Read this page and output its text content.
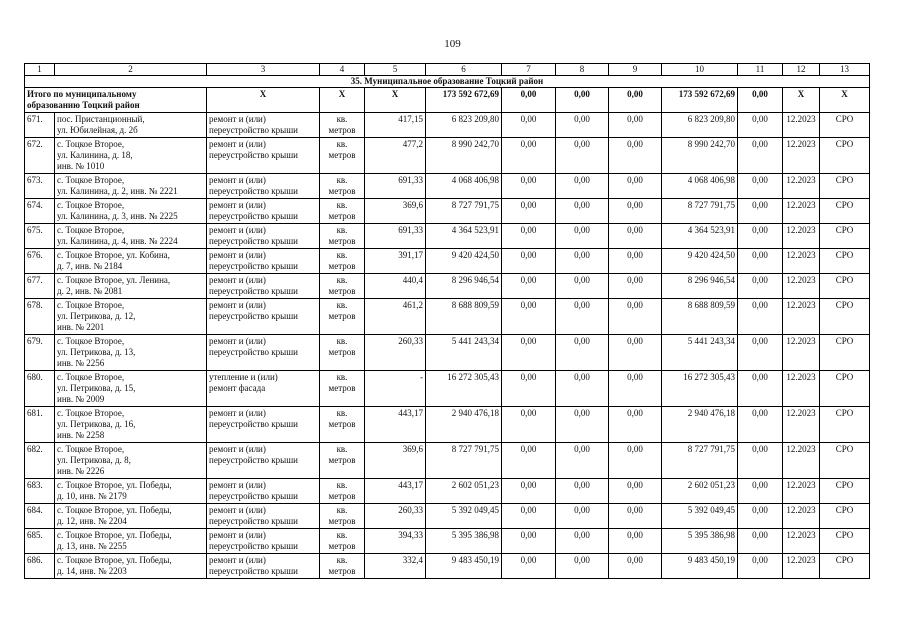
109
1	2	3	4	5	6	7	8	9	10	11	12	13
35. Муниципальное образование Тоцкий район												
Итого по муниципальному
образованию Тоцкий район		X	X	X	173 592 672,69	0,00	0,00	0,00	173 592 672,69	0,00	X	X
671.	пос. Пристанционный,
ул. Юбилейная, д. 2б	ремонт и (или)
переустройство крыши	кв.
метров	417,15	6 823 209,80	0,00	0,00	0,00	6 823 209,80	0,00	12.2023	СРО
672.	с. Тоцкое Второе,
ул. Калинина, д. 18,
инв. № 1010	ремонт и (или)
переустройство крыши	кв.
метров	477,2	8 990 242,70	0,00	0,00	0,00	8 990 242,70	0,00	12.2023	СРО
673.	с. Тоцкое Второе,
ул. Калинина, д. 2, инв. № 2221	ремонт и (или)
переустройство крыши	кв.
метров	691,33	4 068 406,98	0,00	0,00	0,00	4 068 406,98	0,00	12.2023	СРО
674.	с. Тоцкое Второе,
ул. Калинина, д. 3, инв. № 2225	ремонт и (или)
переустройство крыши	кв.
метров	369,6	8 727 791,75	0,00	0,00	0,00	8 727 791,75	0,00	12.2023	СРО
675.	с. Тоцкое Второе,
ул. Калинина, д. 4, инв. № 2224	ремонт и (или)
переустройство крыши	кв.
метров	691,33	4 364 523,91	0,00	0,00	0,00	4 364 523,91	0,00	12.2023	СРО
676.	с. Тоцкое Второе, ул. Кобина,
д. 7, инв. № 2184	ремонт и (или)
переустройство крыши	кв.
метров	391,17	9 420 424,50	0,00	0,00	0,00	9 420 424,50	0,00	12.2023	СРО
677.	с. Тоцкое Второе, ул. Ленина,
д. 2, инв. № 2081	ремонт и (или)
переустройство крыши	кв.
метров	440,4	8 296 946,54	0,00	0,00	0,00	8 296 946,54	0,00	12.2023	СРО
678.	с. Тоцкое Второе,
ул. Петрикова, д. 12,
инв. № 2201	ремонт и (или)
переустройство крыши	кв.
метров	461,2	8 688 809,59	0,00	0,00	0,00	8 688 809,59	0,00	12.2023	СРО
679.	с. Тоцкое Второе,
ул. Петрикова, д. 13,
инв. № 2256	ремонт и (или)
переустройство крыши	кв.
метров	260,33	5 441 243,34	0,00	0,00	0,00	5 441 243,34	0,00	12.2023	СРО
680.	с. Тоцкое Второе,
ул. Петрикова, д. 15,
инв. № 2009	утепление и (или)
ремонт фасада	кв.
метров	-	16 272 305,43	0,00	0,00	0,00	16 272 305,43	0,00	12.2023	СРО
681.	с. Тоцкое Второе,
ул. Петрикова, д. 16,
инв. № 2258	ремонт и (или)
переустройство крыши	кв.
метров	443,17	2 940 476,18	0,00	0,00	0,00	2 940 476,18	0,00	12.2023	СРО
682.	с. Тоцкое Второе,
ул. Петрикова, д. 8,
инв. № 2226	ремонт и (или)
переустройство крыши	кв.
метров	369,6	8 727 791,75	0,00	0,00	0,00	8 727 791,75	0,00	12.2023	СРО
683.	с. Тоцкое Второе, ул. Победы,
д. 10, инв. № 2179	ремонт и (или)
переустройство крыши	кв.
метров	443,17	2 602 051,23	0,00	0,00	0,00	2 602 051,23	0,00	12.2023	СРО
684.	с. Тоцкое Второе, ул. Победы,
д. 12, инв. № 2204	ремонт и (или)
переустройство крыши	кв.
метров	260,33	5 392 049,45	0,00	0,00	0,00	5 392 049,45	0,00	12.2023	СРО
685.	с. Тоцкое Второе, ул. Победы,
д. 13, инв. № 2255	ремонт и (или)
переустройство крыши	кв.
метров	394,33	5 395 386,98	0,00	0,00	0,00	5 395 386,98	0,00	12.2023	СРО
686.	с. Тоцкое Второе, ул. Победы,
д. 14, инв. № 2203	ремонт и (или)
переустройство крыши	кв.
метров	332,4	9 483 450,19	0,00	0,00	0,00	9 483 450,19	0,00	12.2023	СРО
